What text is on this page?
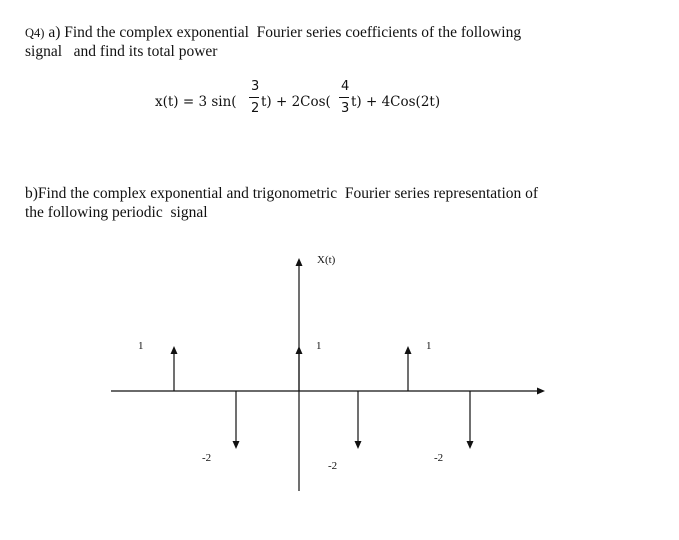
Q4) a) Find the complex exponential  Fourier series coefficients of the following
signal   and find its total power
x(t) = 3 sin(
3
2 t) + 2Cos(
4
3 t) + 4Cos(2t)
b)Find the complex exponential and trigonometric  Fourier series representation of
the following periodic  signal
X(t)
1
-2
1
-2
1
-2
